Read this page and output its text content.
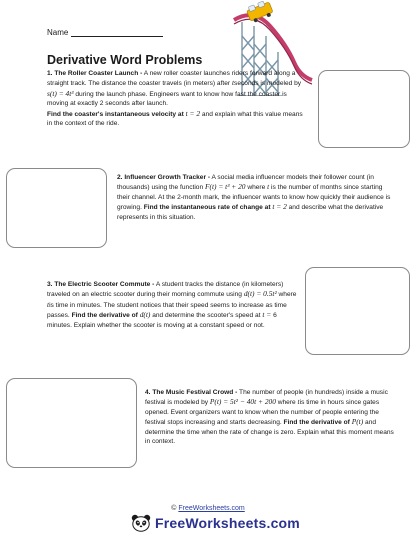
Name
Derivative Word Problems

1. The Roller Coaster Launch - A new roller coaster launches riders forward along a straight track. The distance the coaster travels (in meters) after tseconds is modeled by s(t) = 4t³ during the launch phase. Engineers want to know how fast the coaster is moving at exactly 2 seconds after launch.
Find the coaster's instantaneous velocity at t = 2 and explain what this value means in the context of the ride.

2. Influencer Growth Tracker - A social media influencer models their follower count (in thousands) using the function F(t) = t³ + 20 where t is the number of months since starting their channel. At the 2-month mark, the influencer wants to know how quickly their audience is growing. Find the instantaneous rate of change at t = 2 and describe what the derivative represents in this situation.

3. The Electric Scooter Commute - A student tracks the distance (in kilometers) traveled on an electric scooter during their morning commute using d(t) = 0.5t² where tis time in minutes. The student notices that their speed seems to increase as time passes. Find the derivative of d(t) and determine the scooter's speed at t = 6 minutes. Explain whether the scooter is moving at a constant speed or not.

4. The Music Festival Crowd - The number of people (in hundreds) inside a music festival is modeled by P(t) = 5t² − 40t + 200 where tis time in hours since gates opened. Event organizers want to know when the number of people entering the festival stops increasing and starts decreasing. Find the derivative of P(t) and determine the time when the rate of change is zero. Explain what this moment means in context.

© FreeWorksheets.com
FreeWorksheets.com
